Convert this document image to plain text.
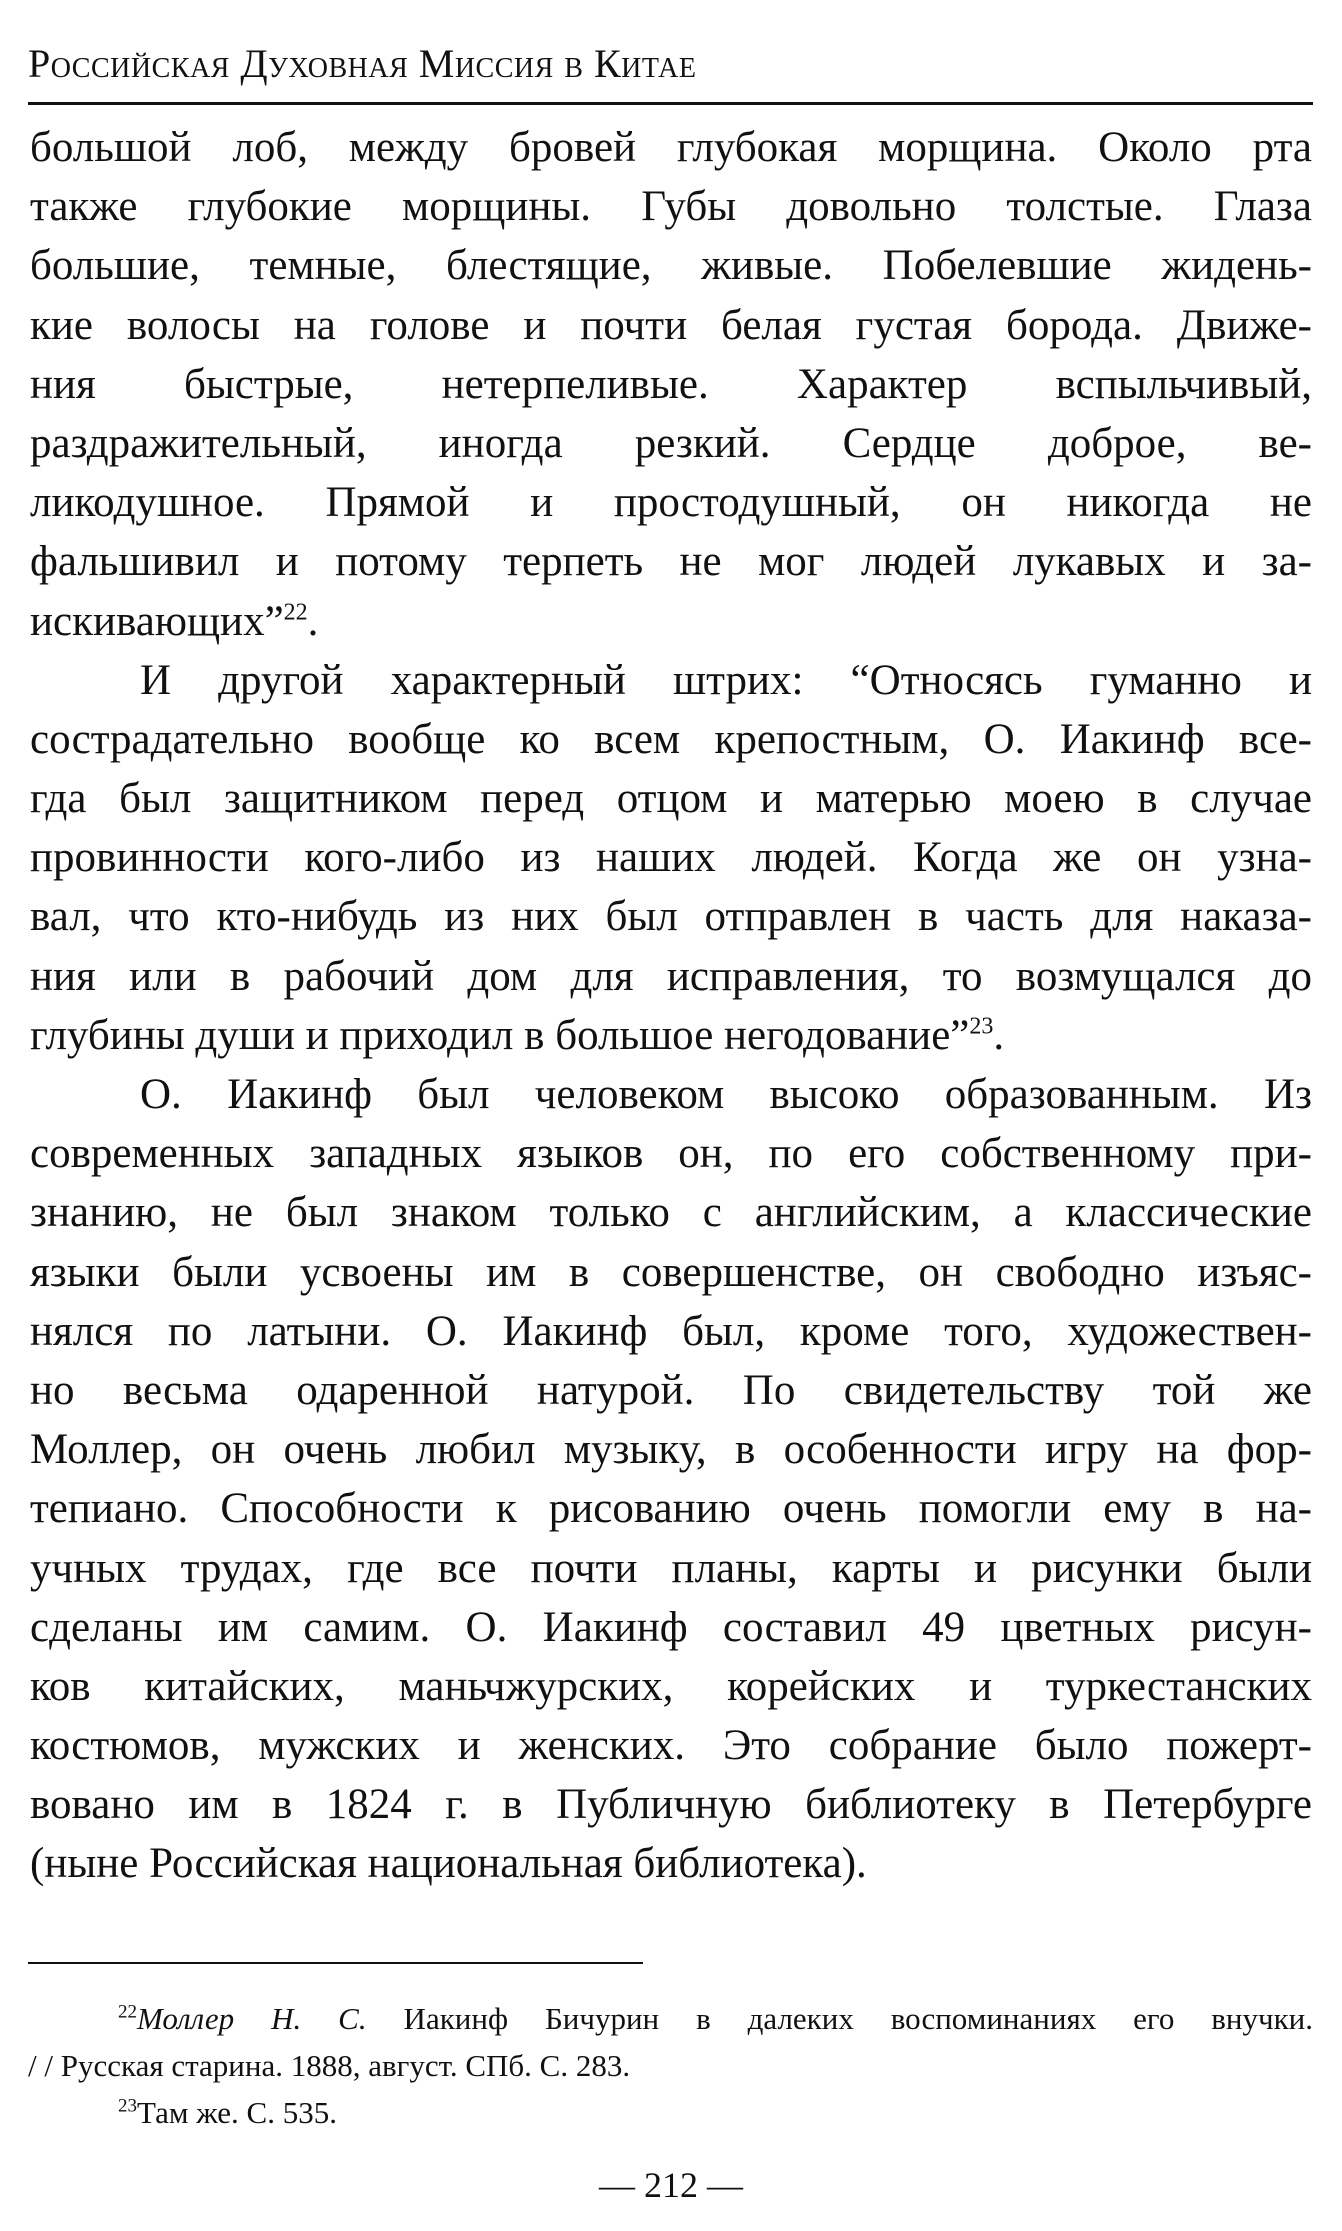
Российская Духовная Миссия в Китае
большой лоб, между бровей глубокая морщина. Около рта
также глубокие морщины. Губы довольно толстые. Глаза
большие, темные, блестящие, живые. Побелевшие жидень-
кие волосы на голове и почти белая густая борода. Движе-
ния быстрые, нетерпеливые. Характер вспыльчивый,
раздражительный, иногда резкий. Сердце доброе, ве-
ликодушное. Прямой и простодушный, он никогда не
фальшивил и потому терпеть не мог людей лукавых и за-
искивающих”$^{22}$.
И другой характерный штрих: “Относясь гуманно и
сострадательно вообще ко всем крепостным, О. Иакинф все-
гда был защитником перед отцом и матерью моею в случае
провинности кого-либо из наших людей. Когда же он узна-
вал, что кто-нибудь из них был отправлен в часть для наказа-
ния или в рабочий дом для исправления, то возмущался до
глубины души и приходил в большое негодование”$^{23}$.
О. Иакинф был человеком высоко образованным. Из
современных западных языков он, по его собственному при-
знанию, не был знаком только с английским, а классические
языки были усвоены им в совершенстве, он свободно изъяс-
нялся по латыни. О. Иакинф был, кроме того, художествен-
но весьма одаренной натурой. По свидетельству той же
Моллер, он очень любил музыку, в особенности игру на фор-
тепиано. Способности к рисованию очень помогли ему в на-
учных трудах, где все почти планы, карты и рисунки были
сделаны им самим. О. Иакинф составил 49 цветных рисун-
ков китайских, маньчжурских, корейских и туркестанских
костюмов, мужских и женских. Это собрание было пожерт-
вовано им в 1824 г. в Публичную библиотеку в Петербурге
(ныне Российская национальная библиотека).
$^{22}$Моллер Н. С. Иакинф Бичурин в далеких воспоминаниях его внучки.
/ / Русская старина. 1888, август. СПб. С. 283.
$^{23}$Там же. С. 535.
— 212 —
